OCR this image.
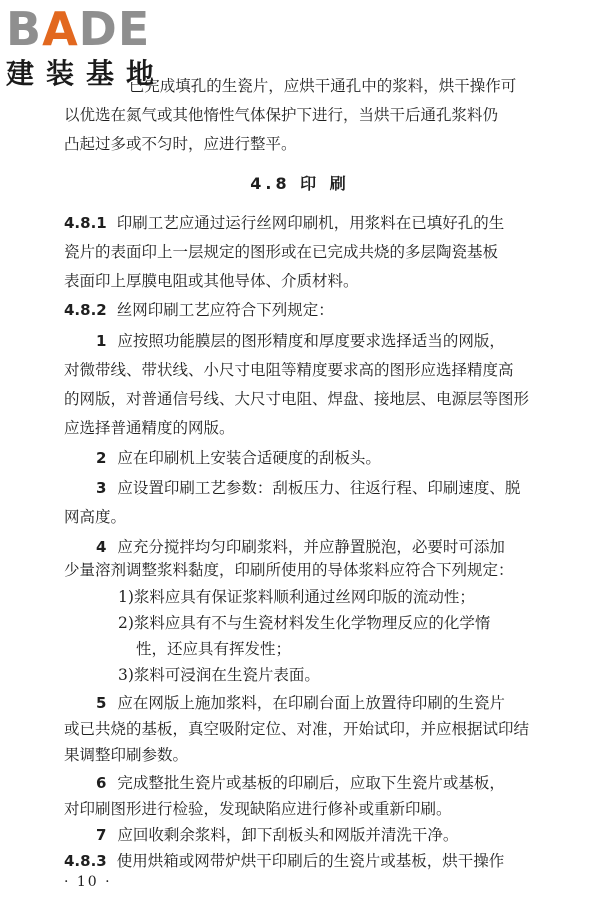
B A DE
建装基地
已完成填孔的生瓷片，应烘干通孔中的浆料，烘干操作可
以优选在氮气或其他惰性气体保护下进行，当烘干后通孔浆料仍
凸起过多或不匀时，应进行整平。
4.8 印 刷
4.8.1 印刷工艺应通过运行丝网印刷机，用浆料在已填好孔的生
瓷片的表面印上一层规定的图形或在已完成共烧的多层陶瓷基板
表面印上厚膜电阻或其他导体、介质材料。
4.8.2 丝网印刷工艺应符合下列规定：
1 应按照功能膜层的图形精度和厚度要求选择适当的网版，
对微带线、带状线、小尺寸电阻等精度要求高的图形应选择精度高
的网版，对普通信号线、大尺寸电阻、焊盘、接地层、电源层等图形
应选择普通精度的网版。
2 应在印刷机上安装合适硬度的刮板头。
3 应设置印刷工艺参数：刮板压力、往返行程、印刷速度、脱
网高度。
4 应充分搅拌均匀印刷浆料，并应静置脱泡，必要时可添加
少量溶剂调整浆料黏度，印刷所使用的导体浆料应符合下列规定：
1)浆料应具有保证浆料顺利通过丝网印版的流动性；
2)浆料应具有不与生瓷材料发生化学物理反应的化学惰
性，还应具有挥发性；
3)浆料可浸润在生瓷片表面。
5 应在网版上施加浆料，在印刷台面上放置待印刷的生瓷片
或已共烧的基板，真空吸附定位、对准，开始试印，并应根据试印结
果调整印刷参数。
6 完成整批生瓷片或基板的印刷后，应取下生瓷片或基板，
对印刷图形进行检验，发现缺陷应进行修补或重新印刷。
· 10 ·
7 应回收剩余浆料，卸下刮板头和网版并清洗干净。
4.8.3 使用烘箱或网带炉烘干印刷后的生瓷片或基板，烘干操作
